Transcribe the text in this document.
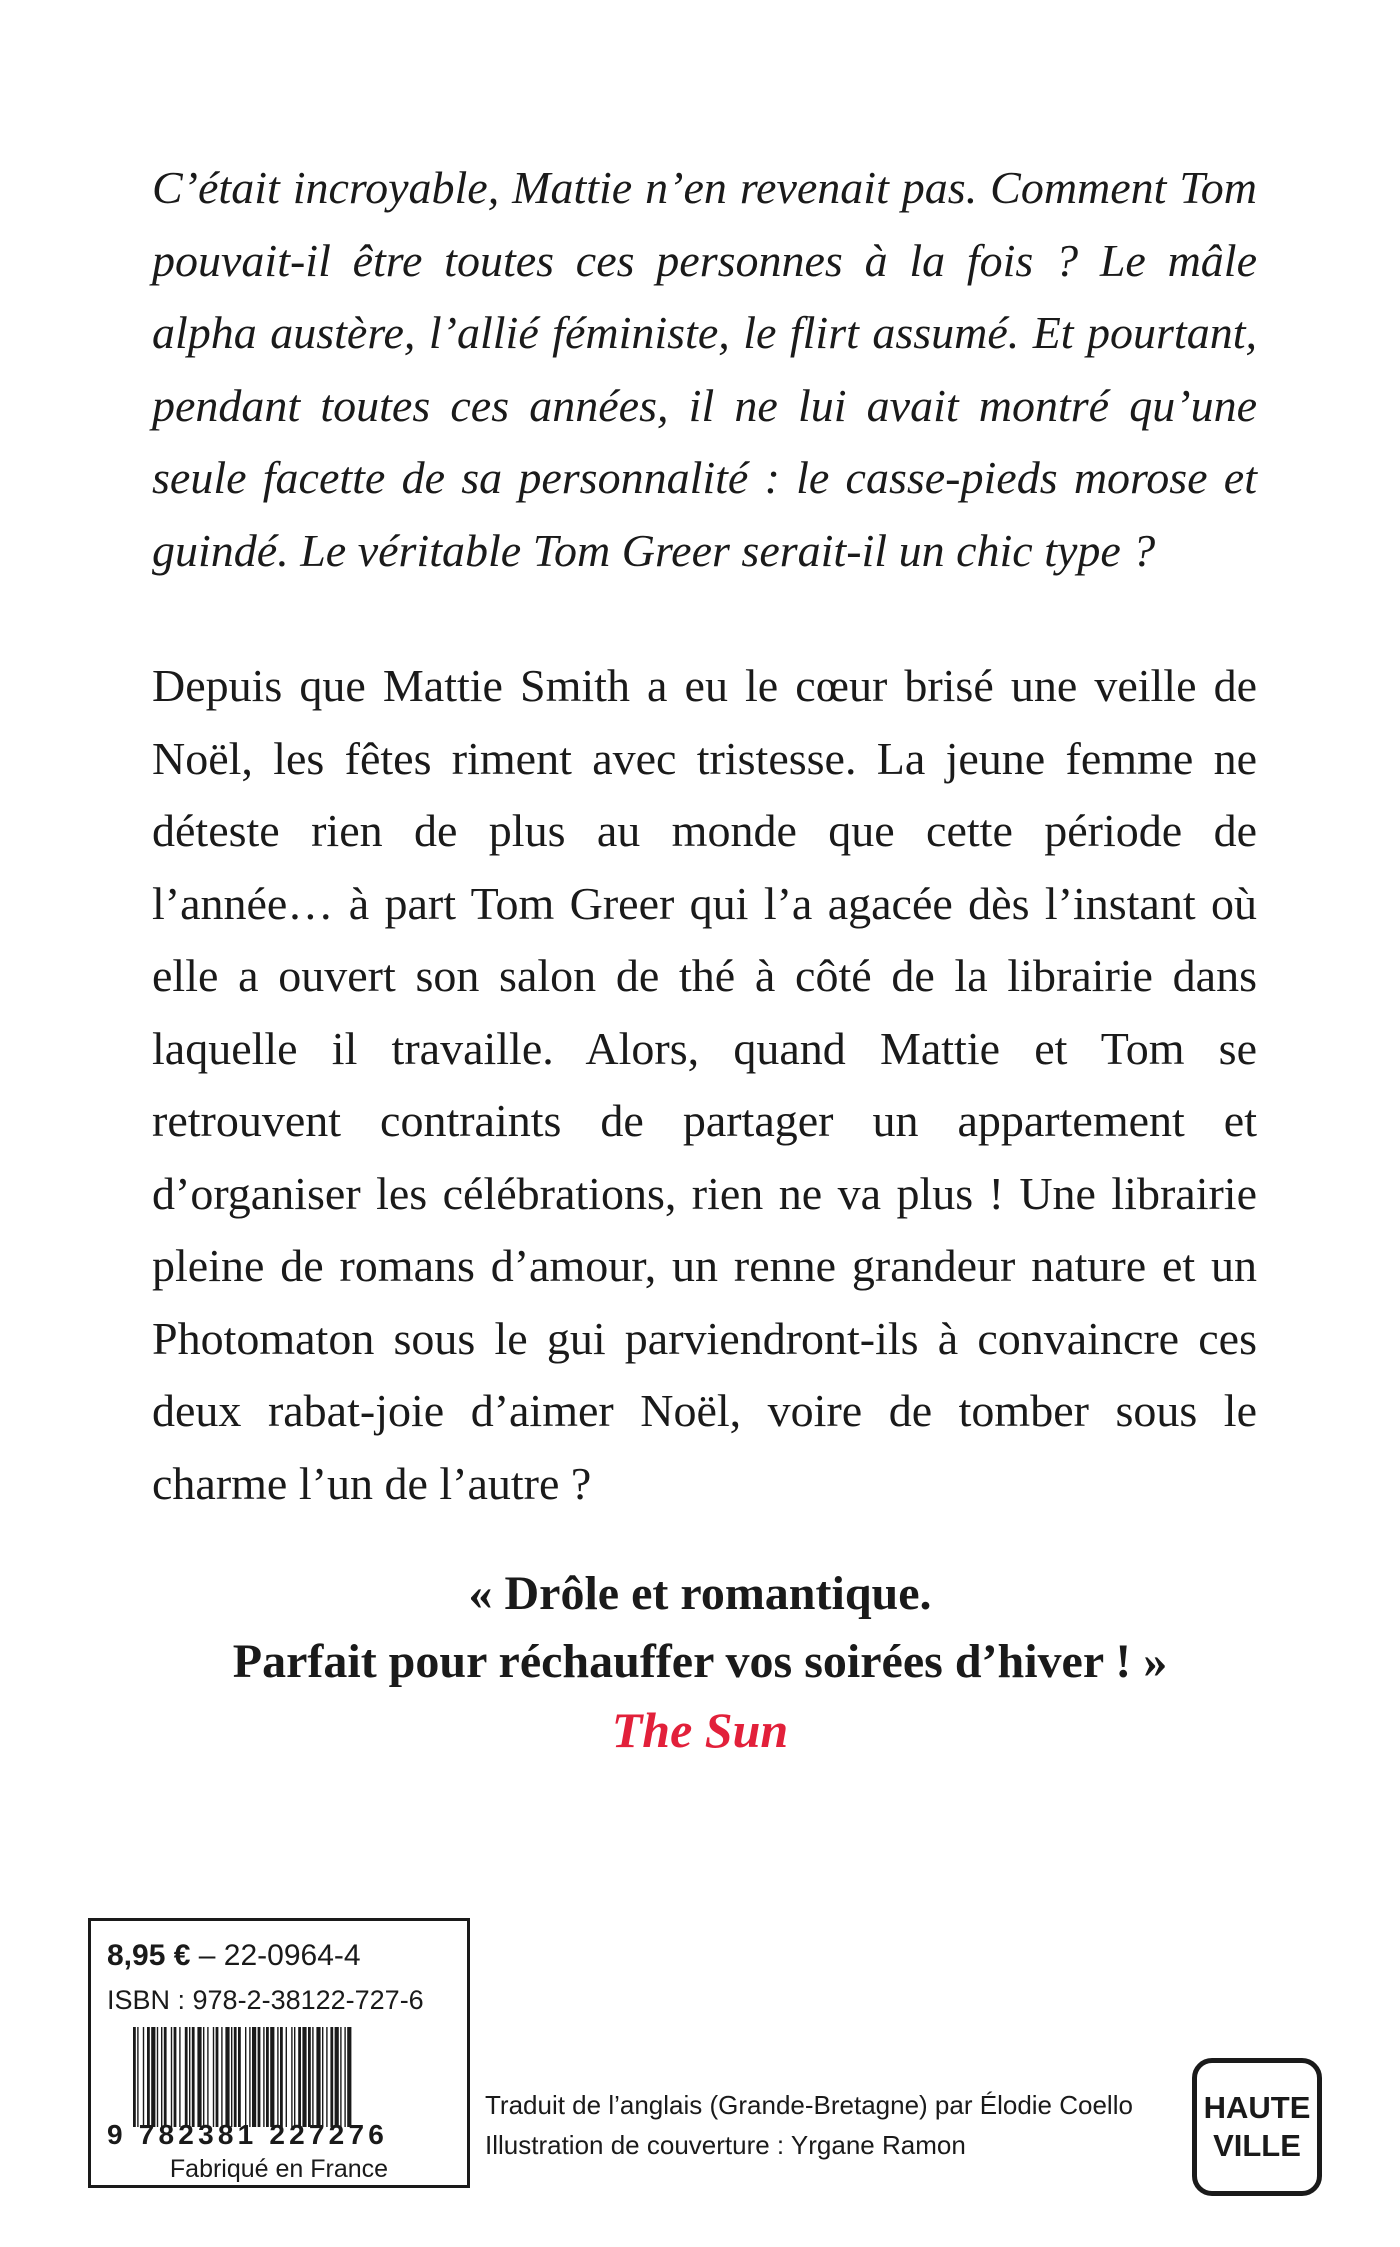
C’était incroyable, Mattie n’en revenait pas. Comment Tom pouvait-il être toutes ces personnes à la fois ? Le mâle alpha austère, l’allié féministe, le flirt assumé. Et pourtant, pendant toutes ces années, il ne lui avait montré qu’une seule facette de sa personnalité : le casse-pieds morose et guindé. Le véritable Tom Greer serait-il un chic type ?

Depuis que Mattie Smith a eu le cœur brisé une veille de Noël, les fêtes riment avec tristesse. La jeune femme ne déteste rien de plus au monde que cette période de l’année… à part Tom Greer qui l’a agacée dès l’instant où elle a ouvert son salon de thé à côté de la librairie dans laquelle il travaille. Alors, quand Mattie et Tom se retrouvent contraints de partager un appartement et d’organiser les célébrations, rien ne va plus ! Une librairie pleine de romans d’amour, un renne grandeur nature et un Photomaton sous le gui parviendront-ils à convaincre ces deux rabat-joie d’aimer Noël, voire de tomber sous le charme l’un de l’autre ?

« Drôle et romantique.
Parfait pour réchauffer vos soirées d’hiver ! »
The Sun
8,95 € – 22-0964-4
ISBN : 978-2-38122-727-6
9 782381 227276
Fabriqué en France
Traduit de l’anglais (Grande-Bretagne) par Élodie Coello
Illustration de couverture : Yrgane Ramon
HAUTE
VILLE
